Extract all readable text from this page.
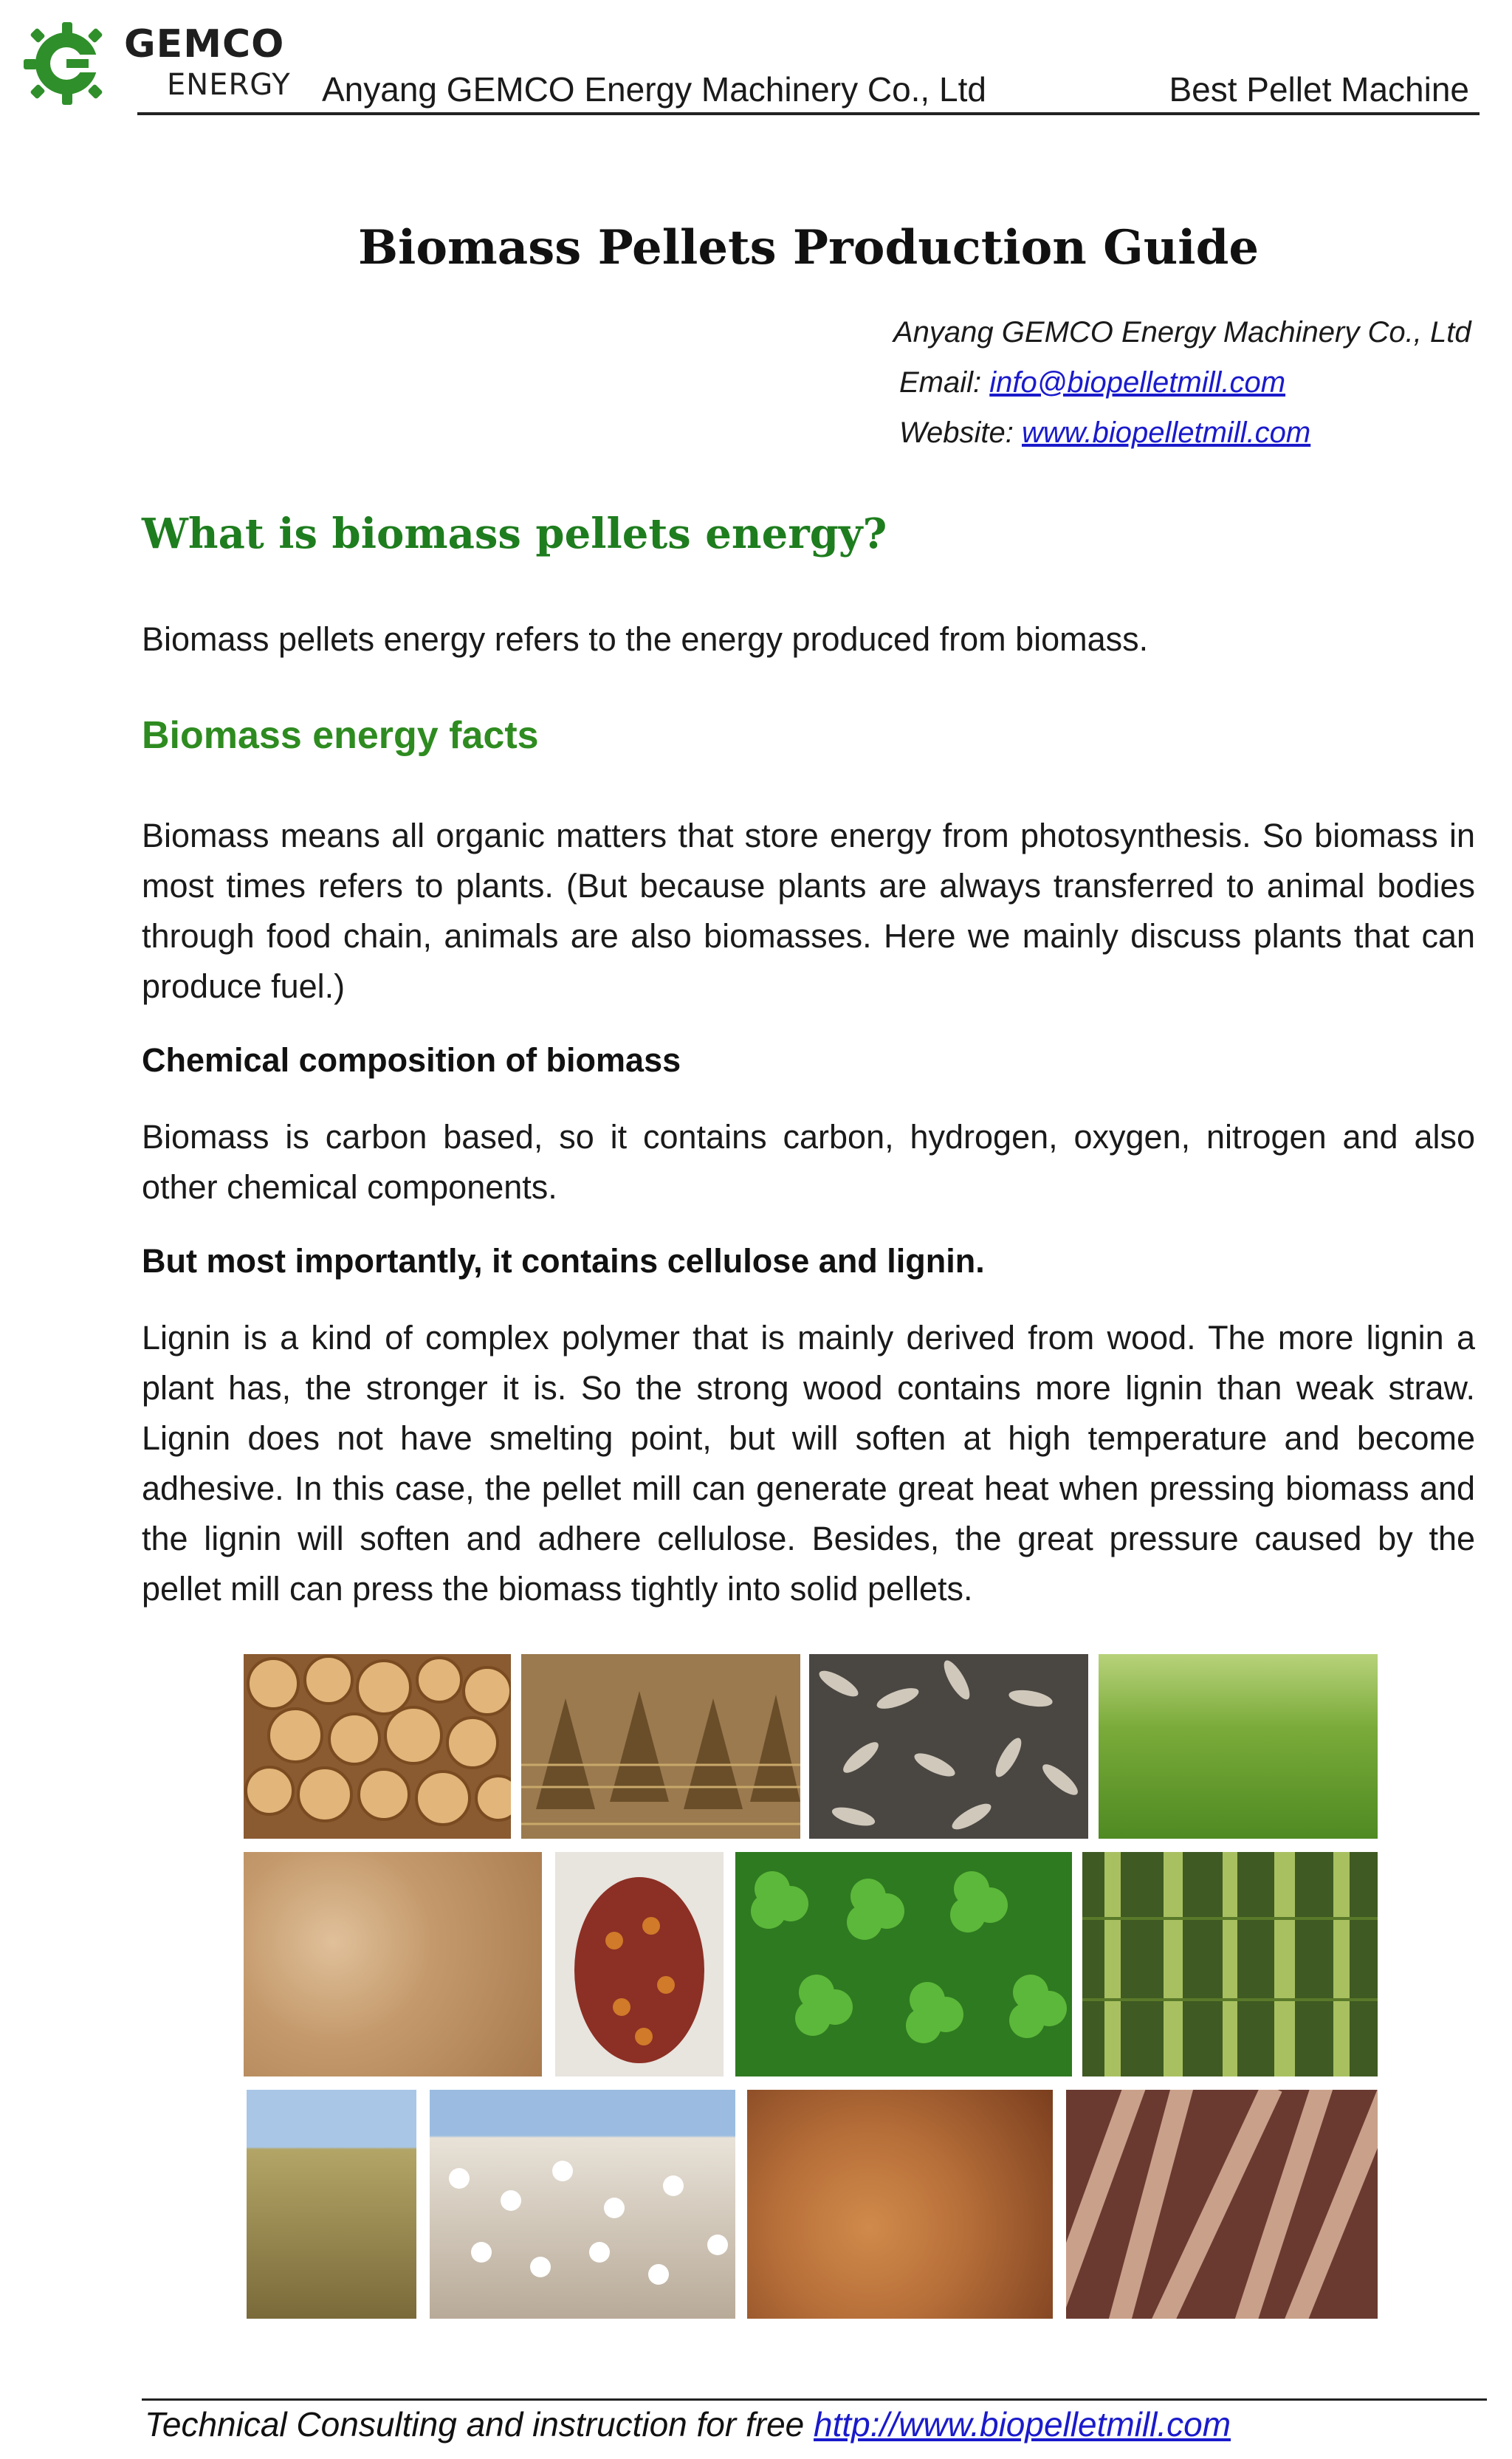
GEMCO
ENERGY Anyang GEMCO Energy Machinery Co., Ltd	Best Pellet Machine
Biomass Pellets Production Guide
Anyang GEMCO Energy Machinery Co., Ltd
Email: info@biopelletmill.com
Website: www.biopelletmill.com
What is biomass pellets energy?
Biomass pellets energy refers to the energy produced from biomass.
Biomass energy facts
Biomass means all organic matters that store energy from photosynthesis. So biomass in most times refers to plants. (But because plants are always transferred to animal bodies through food chain, animals are also biomasses. Here we mainly discuss plants that can produce fuel.)
Chemical composition of biomass
Biomass is carbon based, so it contains carbon, hydrogen, oxygen, nitrogen and also other chemical components.
But most importantly, it contains cellulose and lignin.
Lignin is a kind of complex polymer that is mainly derived from wood. The more lignin a plant has, the stronger it is. So the strong wood contains more lignin than weak straw. Lignin does not have smelting point, but will soften at high temperature and become adhesive. In this case, the pellet mill can generate great heat when pressing biomass and the lignin will soften and adhere cellulose. Besides, the great pressure caused by the pellet mill can press the biomass tightly into solid pellets.
Technical Consulting and instruction for free http://www.biopelletmill.com
